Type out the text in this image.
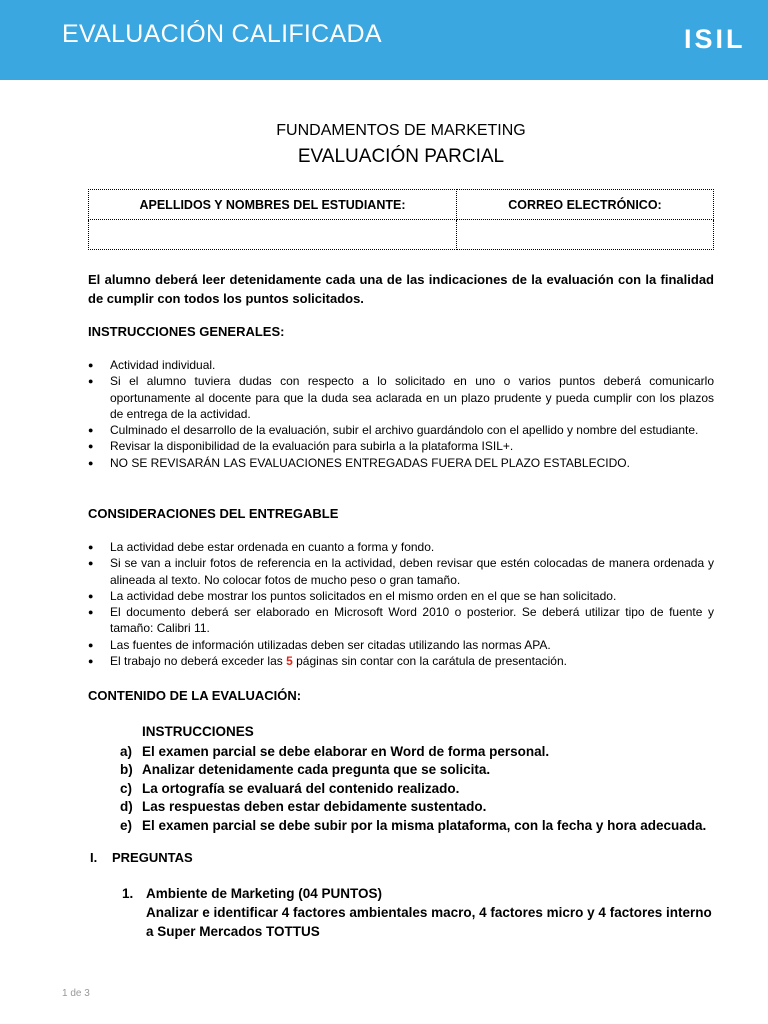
EVALUACIÓN CALIFICADA	ISIL
FUNDAMENTOS DE MARKETING
EVALUACIÓN PARCIAL
APELLIDOS Y NOMBRES DEL ESTUDIANTE:	CORREO ELECTRÓNICO:

El alumno deberá leer detenidamente cada una de las indicaciones de la evaluación con la finalidad de cumplir con todos los puntos solicitados.
INSTRUCCIONES GENERALES:
● Actividad individual.
● Si el alumno tuviera dudas con respecto a lo solicitado en uno o varios puntos deberá comunicarlo oportunamente al docente para que la duda sea aclarada en un plazo prudente y pueda cumplir con los plazos de entrega de la actividad.
● Culminado el desarrollo de la evaluación, subir el archivo guardándolo con el apellido y nombre del estudiante.
● Revisar la disponibilidad de la evaluación para subirla a la plataforma ISIL+.
● NO SE REVISARÁN LAS EVALUACIONES ENTREGADAS FUERA DEL PLAZO ESTABLECIDO.
CONSIDERACIONES DEL ENTREGABLE
● La actividad debe estar ordenada en cuanto a forma y fondo.
● Si se van a incluir fotos de referencia en la actividad, deben revisar que estén colocadas de manera ordenada y alineada al texto. No colocar fotos de mucho peso o gran tamaño.
● La actividad debe mostrar los puntos solicitados en el mismo orden en el que se han solicitado.
● El documento deberá ser elaborado en Microsoft Word 2010 o posterior. Se deberá utilizar tipo de fuente y tamaño: Calibri 11.
● Las fuentes de información utilizadas deben ser citadas utilizando las normas APA.
● El trabajo no deberá exceder las 5 páginas sin contar con la carátula de presentación.
CONTENIDO DE LA EVALUACIÓN:
INSTRUCCIONES
a) El examen parcial se debe elaborar en Word de forma personal.
b) Analizar detenidamente cada pregunta que se solicita.
c) La ortografía se evaluará del contenido realizado.
d) Las respuestas deben estar debidamente sustentado.
e) El examen parcial se debe subir por la misma plataforma, con la fecha y hora adecuada.
I. PREGUNTAS
1. Ambiente de Marketing (04 PUNTOS)
Analizar e identificar 4 factores ambientales macro, 4 factores micro y 4 factores interno a Super Mercados TOTTUS
1 de 3
